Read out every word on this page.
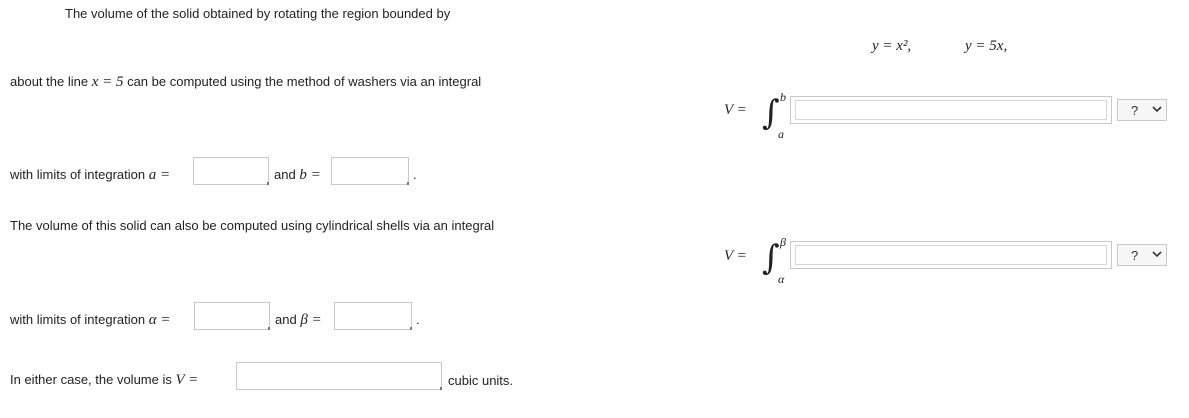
The volume of the solid obtained by rotating the region bounded by
y = x²,	y = 5x,
about the line x = 5 can be computed using the method of washers via an integral
V = ∫ b
a
?
with limits of integration a =	and b =	.
The volume of this solid can also be computed using cylindrical shells via an integral
V = ∫ β
α
?
with limits of integration α =	and β =	.
In either case, the volume is V =	cubic units.
